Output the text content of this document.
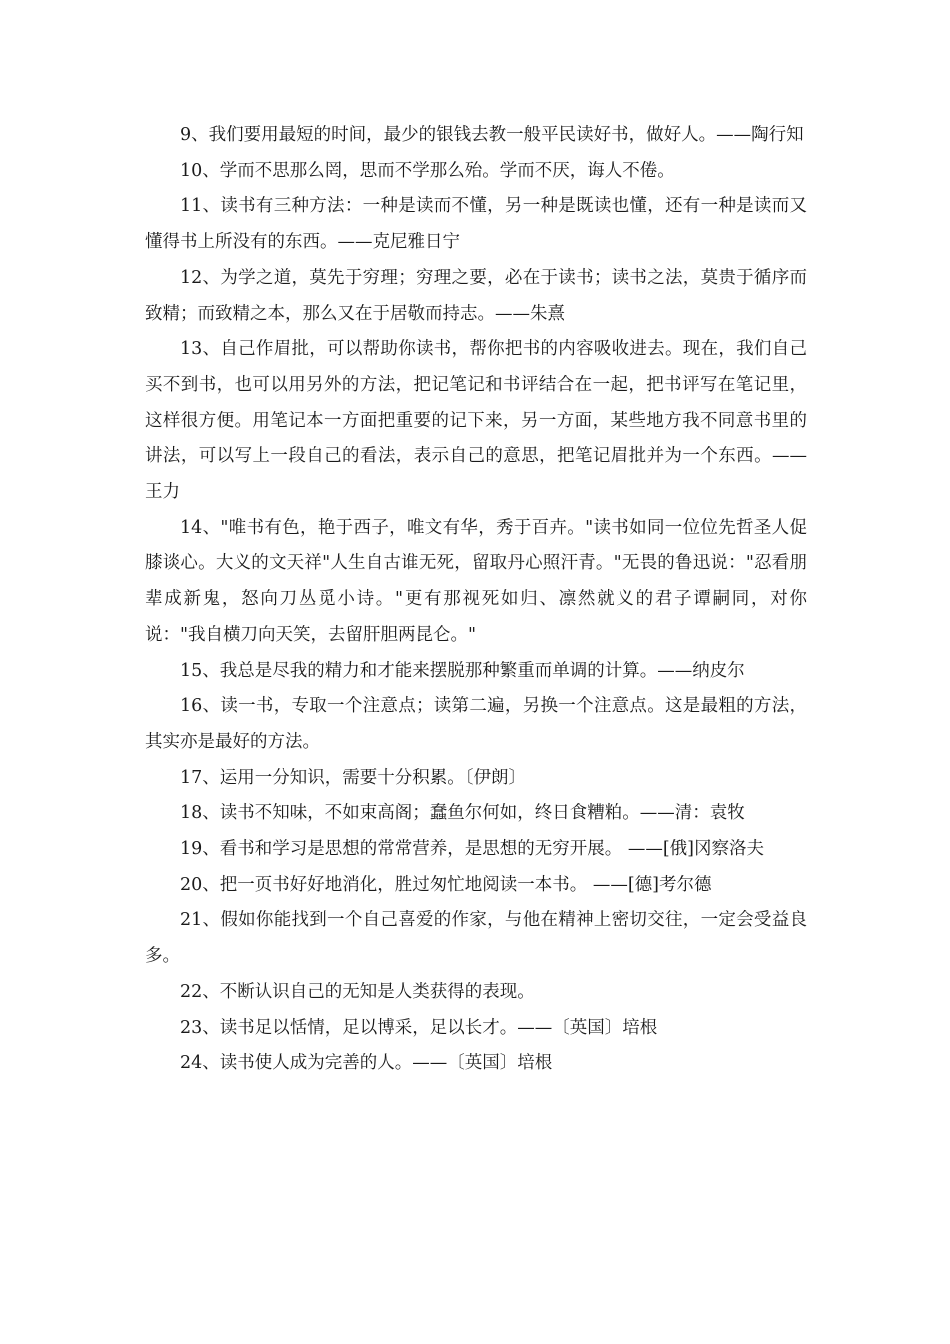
9、我们要用最短的时间，最少的银钱去教一般平民读好书，做好人。——陶行知

10、学而不思那么罔，思而不学那么殆。学而不厌，诲人不倦。

11、读书有三种方法：一种是读而不懂，另一种是既读也懂，还有一种是读而又懂得书上所没有的东西。——克尼雅日宁

12、为学之道，莫先于穷理；穷理之要，必在于读书；读书之法，莫贵于循序而致精；而致精之本，那么又在于居敬而持志。——朱熹

13、自己作眉批，可以帮助你读书，帮你把书的内容吸收进去。现在，我们自己买不到书，也可以用另外的方法，把记笔记和书评结合在一起，把书评写在笔记里，这样很方便。用笔记本一方面把重要的记下来，另一方面，某些地方我不同意书里的讲法，可以写上一段自己的看法，表示自己的意思，把笔记眉批并为一个东西。——王力

14、"唯书有色，艳于西子，唯文有华，秀于百卉。"读书如同一位位先哲圣人促膝谈心。大义的文天祥"人生自古谁无死，留取丹心照汗青。"无畏的鲁迅说："忍看朋辈成新鬼，怒向刀丛觅小诗。"更有那视死如归、凛然就义的君子谭嗣同，对你说："我自横刀向天笑，去留肝胆两昆仑。"

15、我总是尽我的精力和才能来摆脱那种繁重而单调的计算。——纳皮尔

16、读一书，专取一个注意点；读第二遍，另换一个注意点。这是最粗的方法，其实亦是最好的方法。

17、运用一分知识，需要十分积累。〔伊朗〕

18、读书不知味，不如束高阁；蠢鱼尔何如，终日食糟粕。——清：袁牧

19、看书和学习是思想的常常营养，是思想的无穷开展。 ——[俄]冈察洛夫

20、把一页书好好地消化，胜过匆忙地阅读一本书。 ——[德]考尔德

21、假如你能找到一个自己喜爱的作家，与他在精神上密切交往，一定会受益良多。

22、不断认识自己的无知是人类获得的表现。

23、读书足以恬情，足以博采，足以长才。——〔英国〕培根

24、读书使人成为完善的人。——〔英国〕培根
